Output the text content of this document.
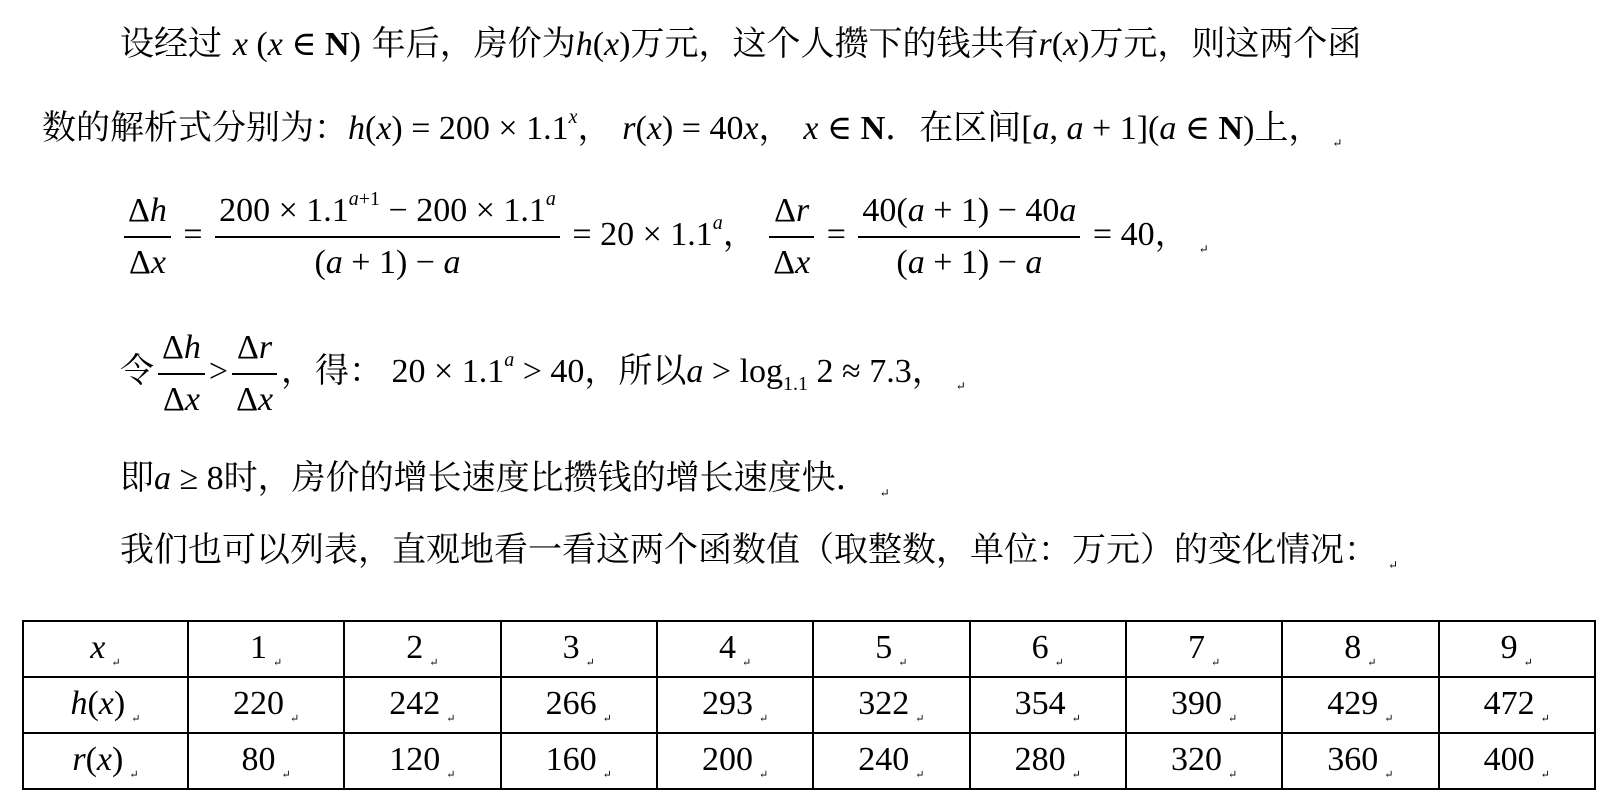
设经过 x (x ∈ N) 年后，房价为h(x)万元，这个人攒下的钱共有r(x)万元，则这两个函
数的解析式分别为：$h(x) = 200 \times 1.1^x$， r(x) = 40x， x ∈ N．在区间[a, a + 1](a ∈ N)上， $_↵$
$\frac{\Delta h}{\Delta x} = \frac{200 \times 1.1^{a+1} - 200 \times 1.1^a}{(a + 1) - a} = 20 \times 1.1^a$， $\frac{\Delta r}{\Delta x} = \frac{40(a + 1) - 40a}{(a + 1) - a} = 40$， $_↵$
令 $\frac{\Delta h}{\Delta x} > \frac{\Delta r}{\Delta x}$ ，得： 20 × 1.1$^a$ > 40，所以$a > \log_{1.1} 2 \approx 7.3$， $_↵$
即a ≥ 8时，房价的增长速度比攒钱的增长速度快． $_↵$
我们也可以列表，直观地看一看这两个函数值（取整数，单位：万元）的变化情况： $_↵$
x $_↵$	1 $_↵$	2 $_↵$	3 $_↵$	4 $_↵$	5 $_↵$	6 $_↵$	7 $_↵$	8 $_↵$	9 $_↵$
h(x) $_↵$	220 $_↵$	242 $_↵$	266 $_↵$	293 $_↵$	322 $_↵$	354 $_↵$	390 $_↵$	429 $_↵$	472 $_↵$
r(x) $_↵$	80 $_↵$	120 $_↵$	160 $_↵$	200 $_↵$	240 $_↵$	280 $_↵$	320 $_↵$	360 $_↵$	400 $_↵$
